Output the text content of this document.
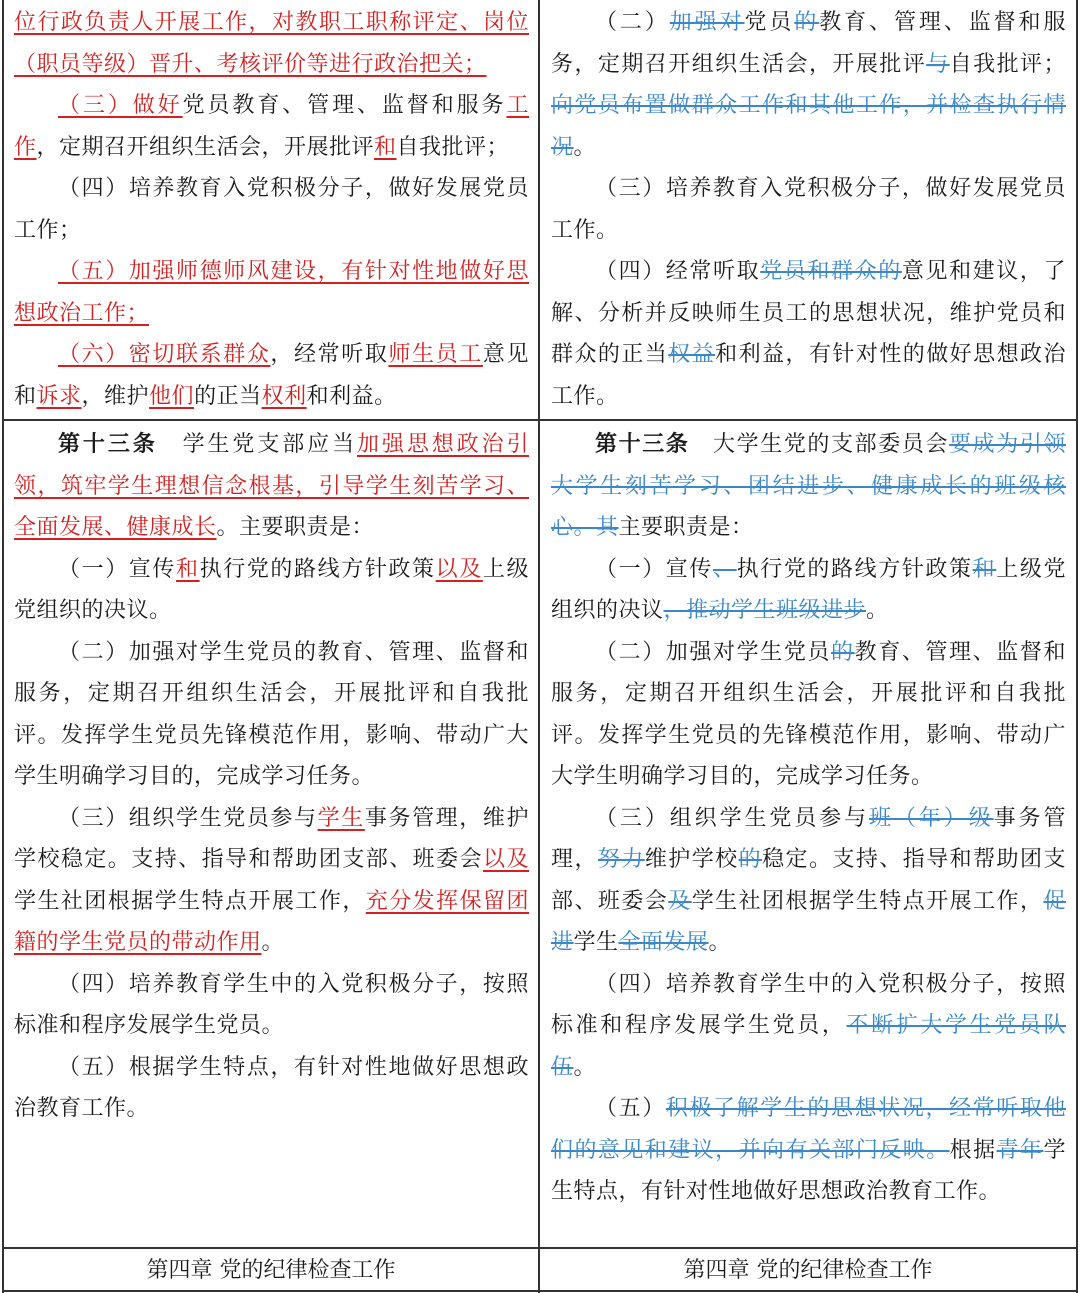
位行政负责人开展工作，对教职工职称评定、岗位（职员等级）晋升、考核评价等进行政治把关；

（三）做好党员教育、管理、监督和服务工作，定期召开组织生活会，开展批评和自我批评；

（四）培养教育入党积极分子，做好发展党员工作；

（五）加强师德师风建设，有针对性地做好思想政治工作；

（六）密切联系群众，经常听取师生员工意见和诉求，维护他们的正当权利和利益。

（二）加强对党员的教育、管理、监督和服务，定期召开组织生活会，开展批评与自我批评；向党员布置做群众工作和其他工作，并检查执行情况。

（三）培养教育入党积极分子，做好发展党员工作。

（四）经常听取党员和群众的意见和建议，了解、分析并反映师生员工的思想状况，维护党员和群众的正当权益和利益，有针对性的做好思想政治工作。

第十三条　学生党支部应当加强思想政治引领，筑牢学生理想信念根基，引导学生刻苦学习、全面发展、健康成长。主要职责是：

（一）宣传和执行党的路线方针政策以及上级党组织的决议。

（二）加强对学生党员的教育、管理、监督和服务，定期召开组织生活会，开展批评和自我批评。发挥学生党员先锋模范作用，影响、带动广大学生明确学习目的，完成学习任务。

（三）组织学生党员参与学生事务管理，维护学校稳定。支持、指导和帮助团支部、班委会以及学生社团根据学生特点开展工作，充分发挥保留团籍的学生党员的带动作用。

（四）培养教育学生中的入党积极分子，按照标准和程序发展学生党员。

（五）根据学生特点，有针对性地做好思想政治教育工作。

第十三条　大学生党的支部委员会要成为引领大学生刻苦学习、团结进步、健康成长的班级核心。其主要职责是：

（一）宣传、执行党的路线方针政策和上级党组织的决议，推动学生班级进步。

（二）加强对学生党员的教育、管理、监督和服务，定期召开组织生活会，开展批评和自我批评。发挥学生党员的先锋模范作用，影响、带动广大学生明确学习目的，完成学习任务。

（三）组织学生党员参与班（年）级事务管理，努力维护学校的稳定。支持、指导和帮助团支部、班委会及学生社团根据学生特点开展工作，促进学生全面发展。

（四）培养教育学生中的入党积极分子，按照标准和程序发展学生党员，不断扩大学生党员队伍。

（五）积极了解学生的思想状况，经常听取他们的意见和建议，并向有关部门反映。根据青年学生特点，有针对性地做好思想政治教育工作。

第四章 党的纪律检查工作	第四章 党的纪律检查工作
